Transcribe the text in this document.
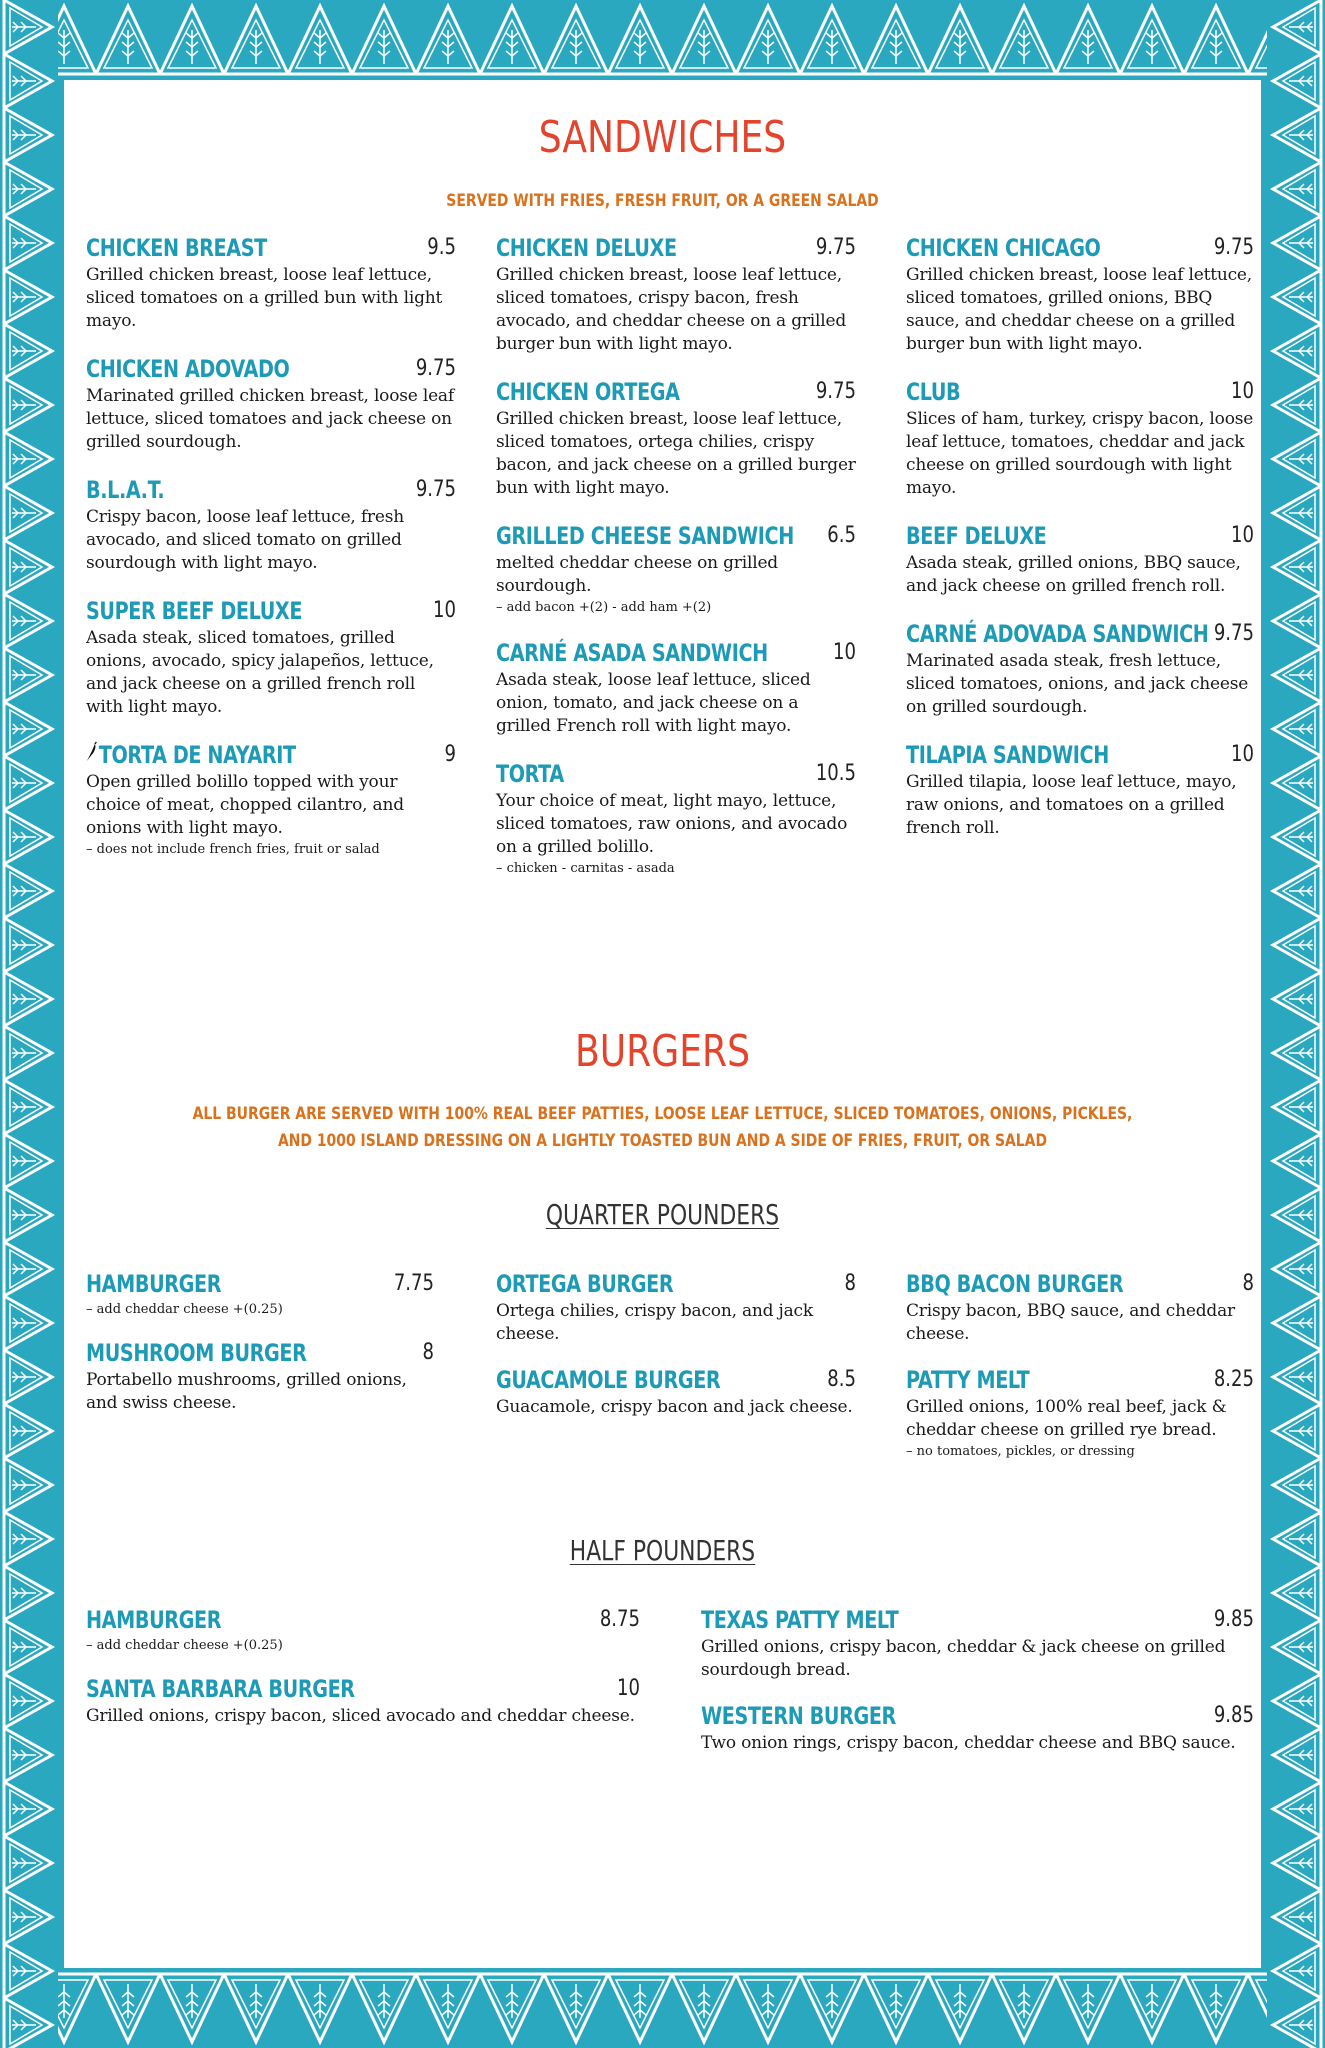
SANDWICHES
SERVED WITH FRIES, FRESH FRUIT, OR A GREEN SALAD
CHICKEN BREAST	9.5
Grilled chicken breast, loose leaf lettuce, sliced tomatoes on a grilled bun with light mayo.
CHICKEN ADOVADO	9.75
Marinated grilled chicken breast, loose leaf lettuce, sliced tomatoes and jack cheese on grilled sourdough.
B.L.A.T.	9.75
Crispy bacon, loose leaf lettuce, fresh avocado, and sliced tomato on grilled sourdough with light mayo.
SUPER BEEF DELUXE	10
Asada steak, sliced tomatoes, grilled onions, avocado, spicy jalapeños, lettuce, and jack cheese on a grilled french roll with light mayo.
TORTA DE NAYARIT	9
Open grilled bolillo topped with your choice of meat, chopped cilantro, and onions with light mayo.
– does not include french fries, fruit or salad
CHICKEN DELUXE	9.75
Grilled chicken breast, loose leaf lettuce, sliced tomatoes, crispy bacon, fresh avocado, and cheddar cheese on a grilled burger bun with light mayo.
CHICKEN ORTEGA	9.75
Grilled chicken breast, loose leaf lettuce, sliced tomatoes, ortega chilies, crispy bacon, and jack cheese on a grilled burger bun with light mayo.
GRILLED CHEESE SANDWICH 6.5
melted cheddar cheese on grilled sourdough.
– add bacon +(2) - add ham +(2)
CARNÉ ASADA SANDWICH	10
Asada steak, loose leaf lettuce, sliced onion, tomato, and jack cheese on a grilled French roll with light mayo.
TORTA	10.5
Your choice of meat, light mayo, lettuce, sliced tomatoes, raw onions, and avocado on a grilled bolillo.
– chicken - carnitas - asada
CHICKEN CHICAGO	9.75
Grilled chicken breast, loose leaf lettuce, sliced tomatoes, grilled onions, BBQ sauce, and cheddar cheese on a grilled burger bun with light mayo.
CLUB	10
Slices of ham, turkey, crispy bacon, loose leaf lettuce, tomatoes, cheddar and jack cheese on grilled sourdough with light mayo.
BEEF DELUXE	10
Asada steak, grilled onions, BBQ sauce, and jack cheese on grilled french roll.
CARNÉ ADOVADA SANDWICH 9.75
Marinated asada steak, fresh lettuce, sliced tomatoes, onions, and jack cheese on grilled sourdough.
TILAPIA SANDWICH	10
Grilled tilapia, loose leaf lettuce, mayo, raw onions, and tomatoes on a grilled french roll.
BURGERS
ALL BURGER ARE SERVED WITH 100% REAL BEEF PATTIES, LOOSE LEAF LETTUCE, SLICED TOMATOES, ONIONS, PICKLES, AND 1000 ISLAND DRESSING ON A LIGHTLY TOASTED BUN AND A SIDE OF FRIES, FRUIT, OR SALAD
QUARTER POUNDERS
HAMBURGER	7.75
– add cheddar cheese +(0.25)
MUSHROOM BURGER	8
Portabello mushrooms, grilled onions, and swiss cheese.
ORTEGA BURGER	8
Ortega chilies, crispy bacon, and jack cheese.
GUACAMOLE BURGER	8.5
Guacamole, crispy bacon and jack cheese.
BBQ BACON BURGER	8
Crispy bacon, BBQ sauce, and cheddar cheese.
PATTY MELT	8.25
Grilled onions, 100% real beef, jack & cheddar cheese on grilled rye bread.
– no tomatoes, pickles, or dressing
HALF POUNDERS
HAMBURGER	8.75
– add cheddar cheese +(0.25)
SANTA BARBARA BURGER	10
Grilled onions, crispy bacon, sliced avocado and cheddar cheese.
TEXAS PATTY MELT	9.85
Grilled onions, crispy bacon, cheddar & jack cheese on grilled sourdough bread.
WESTERN BURGER	9.85
Two onion rings, crispy bacon, cheddar cheese and BBQ sauce.
